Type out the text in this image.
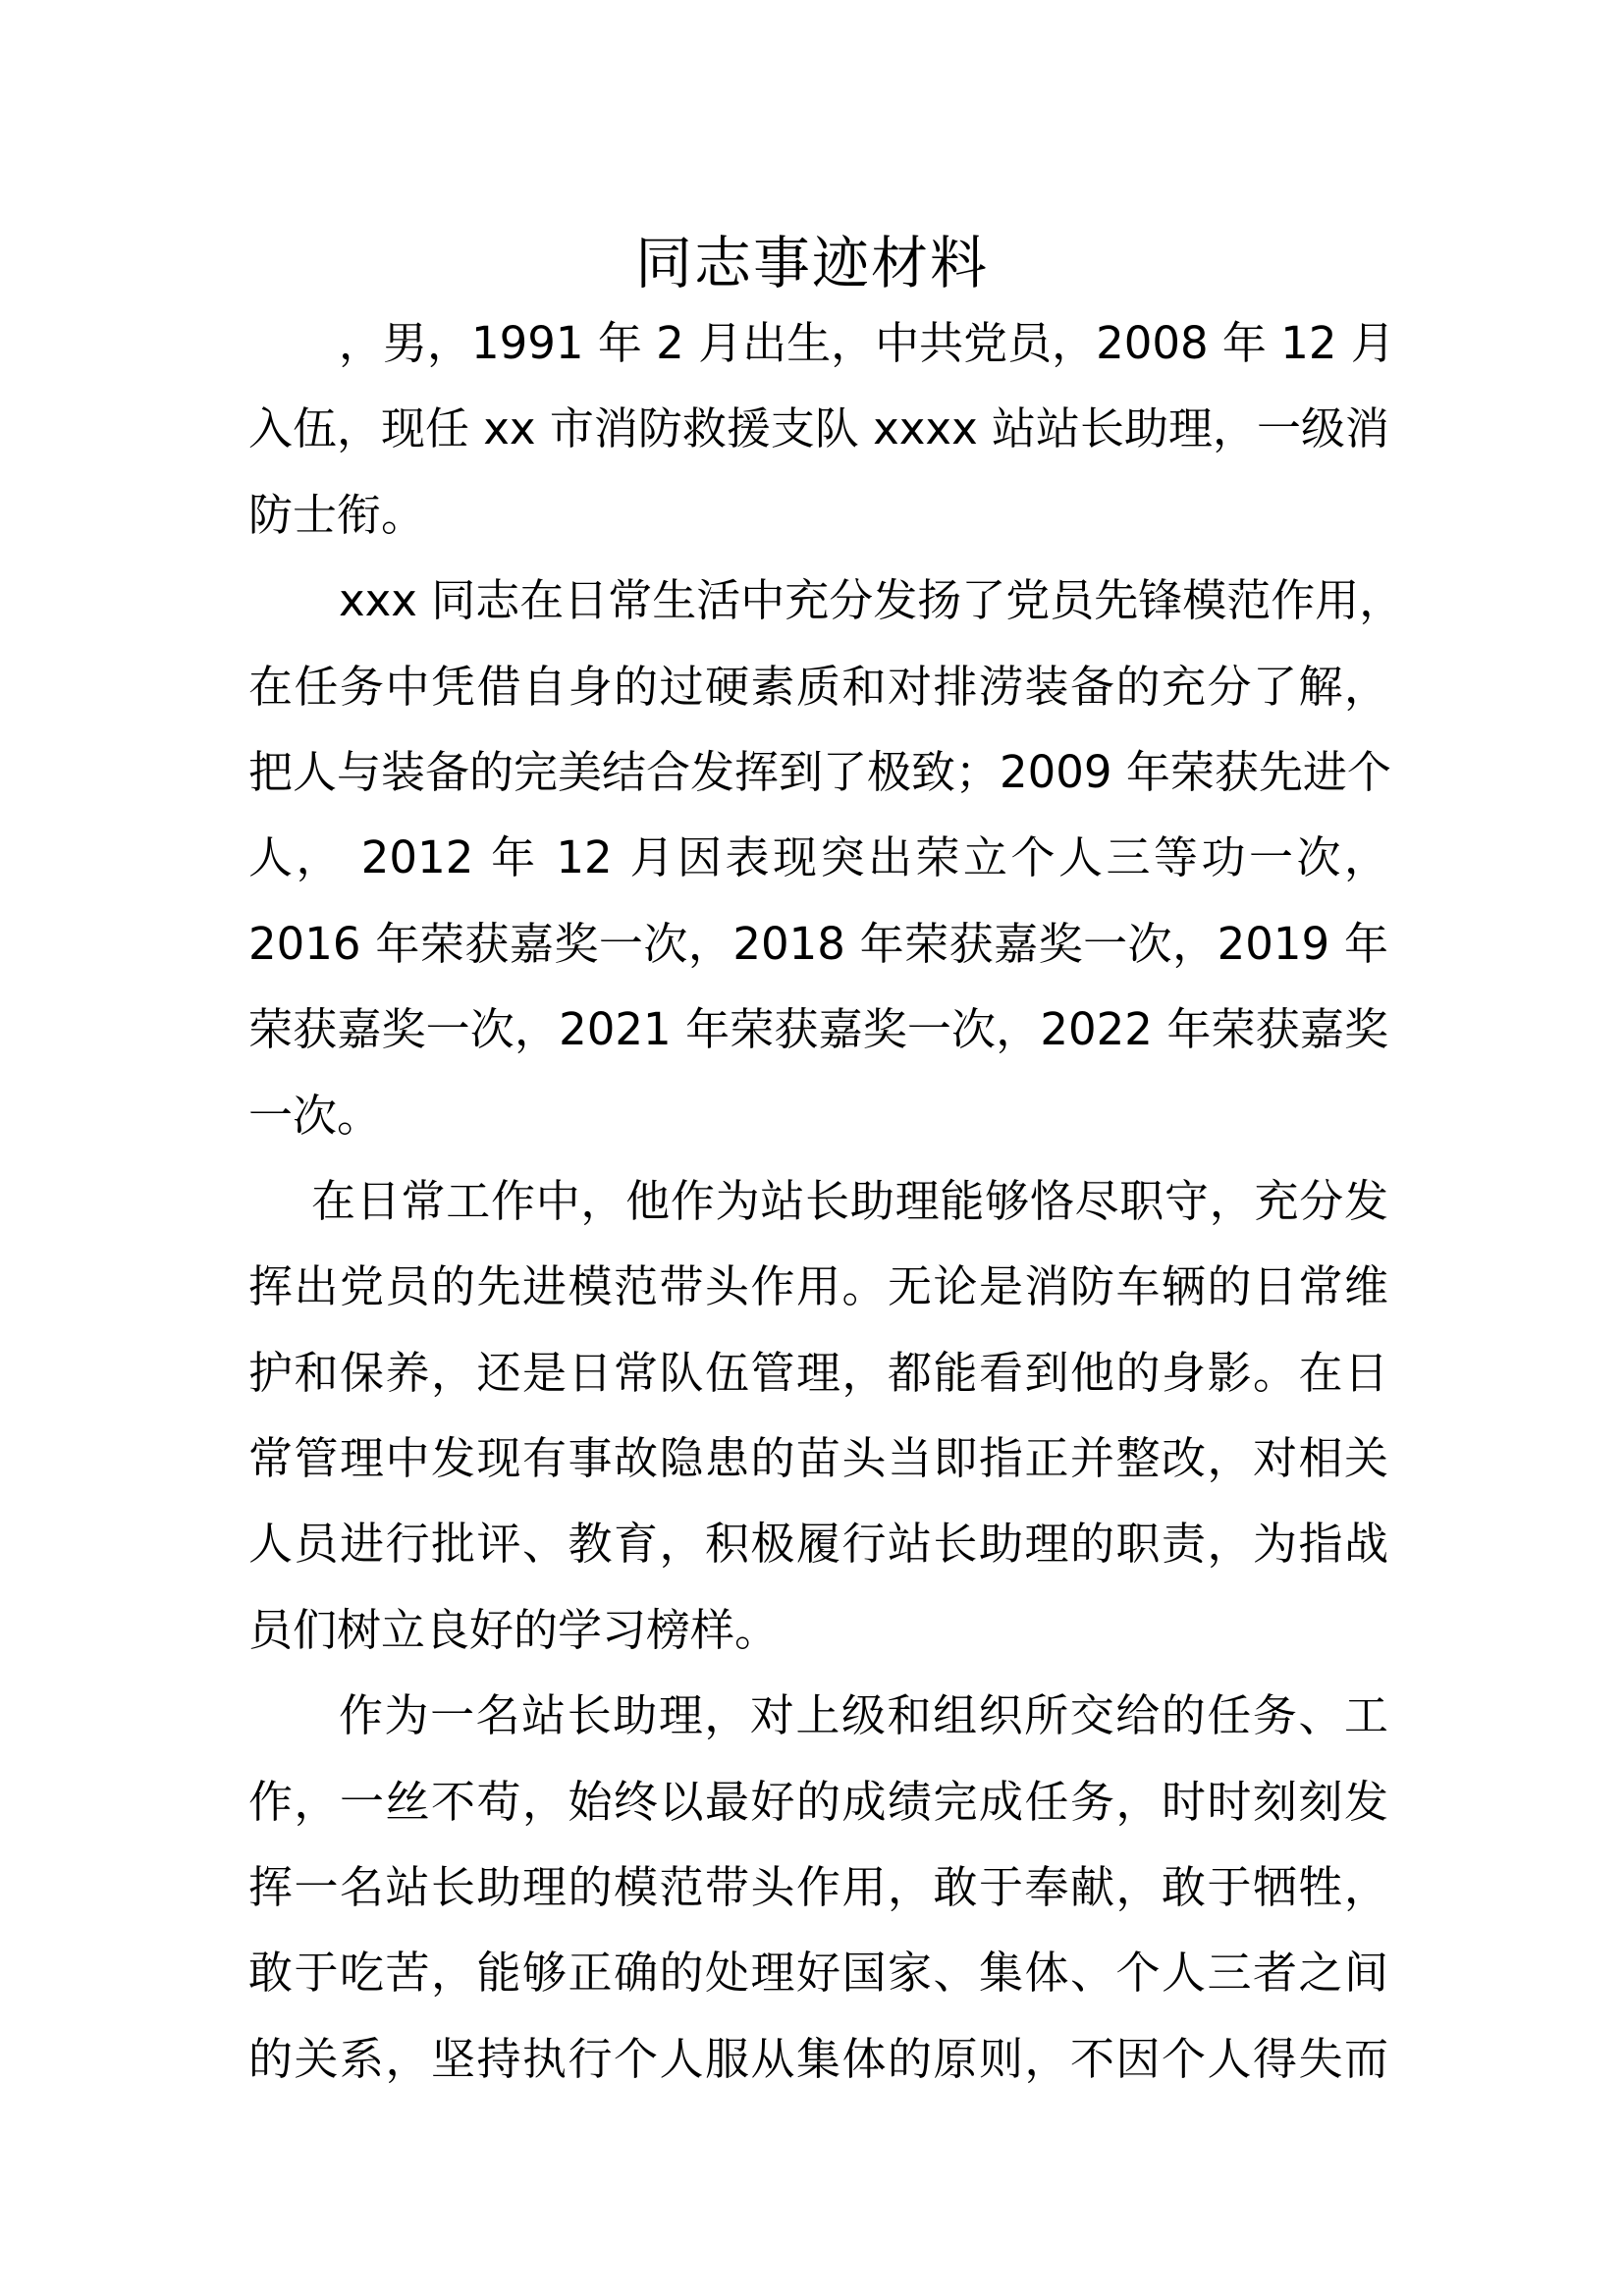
同志事迹材料
，男，1991 年 2 月出生，中共党员，2008 年 12 月
入伍，现任 xx 市消防救援支队 xxxx 站站长助理，一级消
防士衔。
xxx 同志在日常生活中充分发扬了党员先锋模范作用，
在任务中凭借自身的过硬素质和对排涝装备的充分了解，
把人与装备的完美结合发挥到了极致；2009 年荣获先进个
人， 2012 年 12 月因表现突出荣立个人三等功一次，
2016 年荣获嘉奖一次，2018 年荣获嘉奖一次，2019 年
荣获嘉奖一次，2021 年荣获嘉奖一次，2022 年荣获嘉奖
一次。
在日常工作中，他作为站长助理能够恪尽职守，充分发
挥出党员的先进模范带头作用。无论是消防车辆的日常维
护和保养，还是日常队伍管理，都能看到他的身影。在日
常管理中发现有事故隐患的苗头当即指正并整改，对相关
人员进行批评、教育，积极履行站长助理的职责，为指战
员们树立良好的学习榜样。
作为一名站长助理，对上级和组织所交给的任务、工
作，一丝不苟，始终以最好的成绩完成任务，时时刻刻发
挥一名站长助理的模范带头作用，敢于奉献，敢于牺牲，
敢于吃苦，能够正确的处理好国家、集体、个人三者之间
的关系，坚持执行个人服从集体的原则，不因个人得失而
